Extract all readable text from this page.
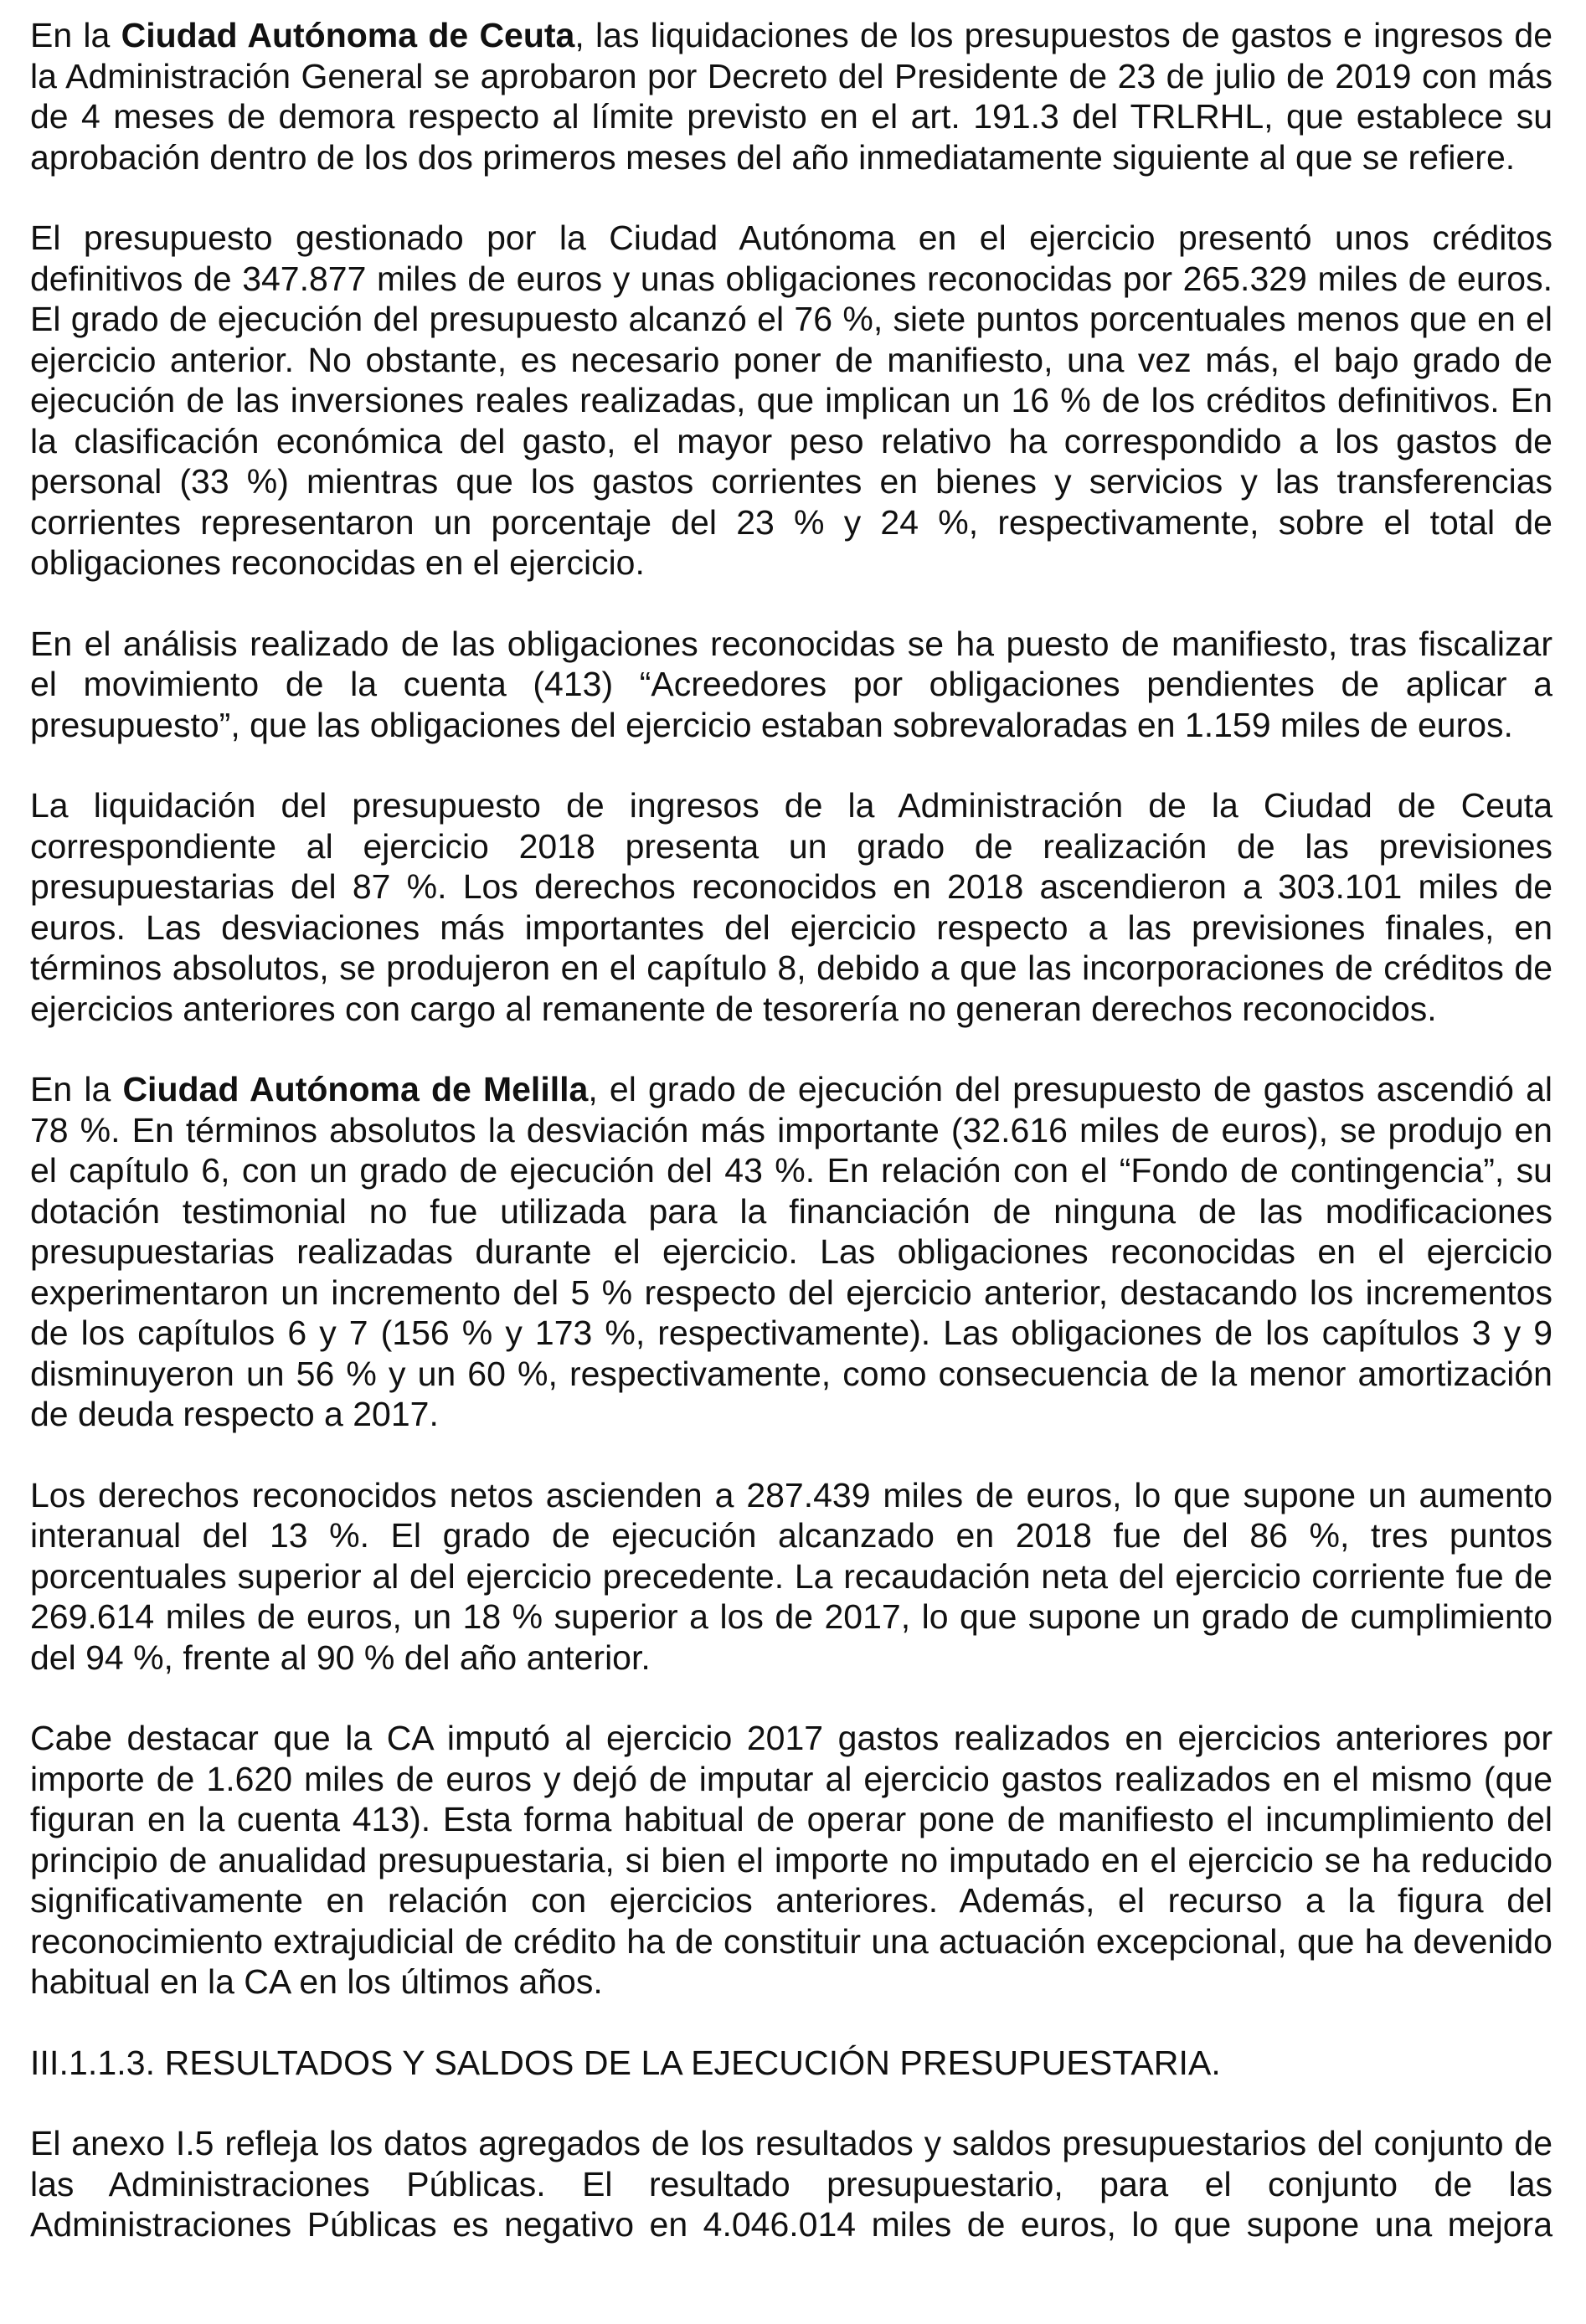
En la Ciudad Autónoma de Ceuta, las liquidaciones de los presupuestos de gastos e ingresos de la Administración General se aprobaron por Decreto del Presidente de 23 de julio de 2019 con más de 4 meses de demora respecto al límite previsto en el art. 191.3 del TRLRHL, que establece su aprobación dentro de los dos primeros meses del año inmediatamente siguiente al que se refiere.

El presupuesto gestionado por la Ciudad Autónoma en el ejercicio presentó unos créditos definitivos de 347.877 miles de euros y unas obligaciones reconocidas por 265.329 miles de euros. El grado de ejecución del presupuesto alcanzó el 76 %, siete puntos porcentuales menos que en el ejercicio anterior. No obstante, es necesario poner de manifiesto, una vez más, el bajo grado de ejecución de las inversiones reales realizadas, que implican un 16 % de los créditos definitivos. En la clasificación económica del gasto, el mayor peso relativo ha correspondido a los gastos de personal (33 %) mientras que los gastos corrientes en bienes y servicios y las transferencias corrientes representaron un porcentaje del 23 % y 24 %, respectivamente, sobre el total de obligaciones reconocidas en el ejercicio.

En el análisis realizado de las obligaciones reconocidas se ha puesto de manifiesto, tras fiscalizar el movimiento de la cuenta (413) “Acreedores por obligaciones pendientes de aplicar a presupuesto”, que las obligaciones del ejercicio estaban sobrevaloradas en 1.159 miles de euros.

La liquidación del presupuesto de ingresos de la Administración de la Ciudad de Ceuta correspondiente al ejercicio 2018 presenta un grado de realización de las previsiones presupuestarias del 87 %. Los derechos reconocidos en 2018 ascendieron a 303.101 miles de euros. Las desviaciones más importantes del ejercicio respecto a las previsiones finales, en términos absolutos, se produjeron en el capítulo 8, debido a que las incorporaciones de créditos de ejercicios anteriores con cargo al remanente de tesorería no generan derechos reconocidos.

En la Ciudad Autónoma de Melilla, el grado de ejecución del presupuesto de gastos ascendió al 78 %. En términos absolutos la desviación más importante (32.616 miles de euros), se produjo en el capítulo 6, con un grado de ejecución del 43 %. En relación con el “Fondo de contingencia”, su dotación testimonial no fue utilizada para la financiación de ninguna de las modificaciones presupuestarias realizadas durante el ejercicio. Las obligaciones reconocidas en el ejercicio experimentaron un incremento del 5 % respecto del ejercicio anterior, destacando los incrementos de los capítulos 6 y 7 (156 % y 173 %, respectivamente). Las obligaciones de los capítulos 3 y 9 disminuyeron un 56 % y un 60 %, respectivamente, como consecuencia de la menor amortización de deuda respecto a 2017.

Los derechos reconocidos netos ascienden a 287.439 miles de euros, lo que supone un aumento interanual del 13 %. El grado de ejecución alcanzado en 2018 fue del 86 %, tres puntos porcentuales superior al del ejercicio precedente. La recaudación neta del ejercicio corriente fue de 269.614 miles de euros, un 18 % superior a los de 2017, lo que supone un grado de cumplimiento del 94 %, frente al 90 % del año anterior.

Cabe destacar que la CA imputó al ejercicio 2017 gastos realizados en ejercicios anteriores por importe de 1.620 miles de euros y dejó de imputar al ejercicio gastos realizados en el mismo (que figuran en la cuenta 413). Esta forma habitual de operar pone de manifiesto el incumplimiento del principio de anualidad presupuestaria, si bien el importe no imputado en el ejercicio se ha reducido significativamente en relación con ejercicios anteriores. Además, el recurso a la figura del reconocimiento extrajudicial de crédito ha de constituir una actuación excepcional, que ha devenido habitual en la CA en los últimos años.

III.1.1.3. RESULTADOS Y SALDOS DE LA EJECUCIÓN PRESUPUESTARIA.

El anexo I.5 refleja los datos agregados de los resultados y saldos presupuestarios del conjunto de las Administraciones Públicas. El resultado presupuestario, para el conjunto de las Administraciones Públicas es negativo en 4.046.014 miles de euros, lo que supone una mejora
